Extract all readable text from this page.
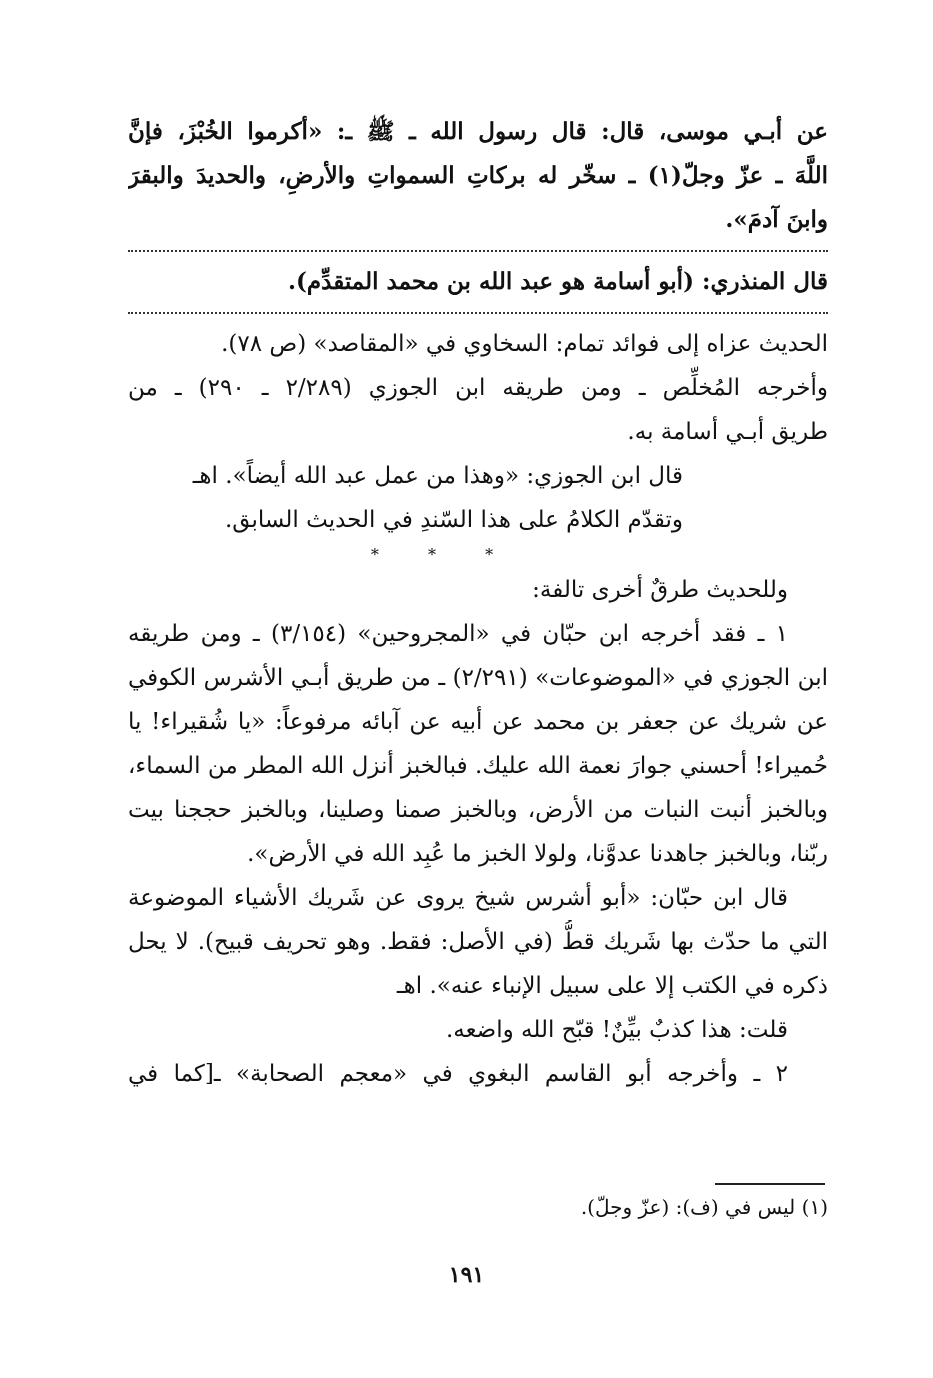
عن أبـي موسى، قال: قال رسول الله ـ ﷺ ـ: «أكرموا الخُبْزَ، فإنَّ
اللَّهَ ـ عزّ وجلّ(١) ـ سخّر له بركاتِ السمواتِ والأرضِ، والحديدَ والبقرَ
وابنَ آدمَ».
قال المنذري: (أبو أسامة هو عبد الله بن محمد المتقدِّم).
الحديث عزاه إلى فوائد تمام: السخاوي في «المقاصد» (ص ٧٨).
وأخرجه المُخلِّص ـ ومن طريقه ابن الجوزي (٢/٢٨٩ ـ ٢٩٠) ـ من
طريق أبـي أسامة به.
قال ابن الجوزي: «وهذا من عمل عبد الله أيضاً». اهـ
وتقدّم الكلامُ على هذا السّندِ في الحديث السابق.
* * *
وللحديث طرقٌ أخرى تالفة:
١ ـ فقد أخرجه ابن حبّان في «المجروحين» (٣/١٥٤) ـ ومن طريقه
ابن الجوزي في «الموضوعات» (٢/٢٩١) ـ من طريق أبـي الأشرس الكوفي
عن شريك عن جعفر بن محمد عن أبيه عن آبائه مرفوعاً: «يا شُقيراء! يا
حُميراء! أحسني جوارَ نعمة الله عليك. فبالخبز أنزل الله المطر من السماء،
وبالخبز أنبت النبات من الأرض، وبالخبز صمنا وصلينا، وبالخبز حججنا بيت
ربّنا، وبالخبز جاهدنا عدوَّنا، ولولا الخبز ما عُبِد الله في الأرض».
قال ابن حبّان: «أبو أشرس شيخ يروى عن شَريك الأشياء الموضوعة
التي ما حدّث بها شَريك قطُّ (في الأصل: فقط. وهو تحريف قبيح). لا يحل
ذكره في الكتب إلا على سبيل الإنباء عنه». اهـ
قلت: هذا كذبٌ بيِّنٌ! قبّح الله واضعه.
٢ ـ وأخرجه أبو القاسم البغوي في «معجم الصحابة» ـ[كما في
(١) ليس في (ف): (عزّ وجلّ).
١٩١
